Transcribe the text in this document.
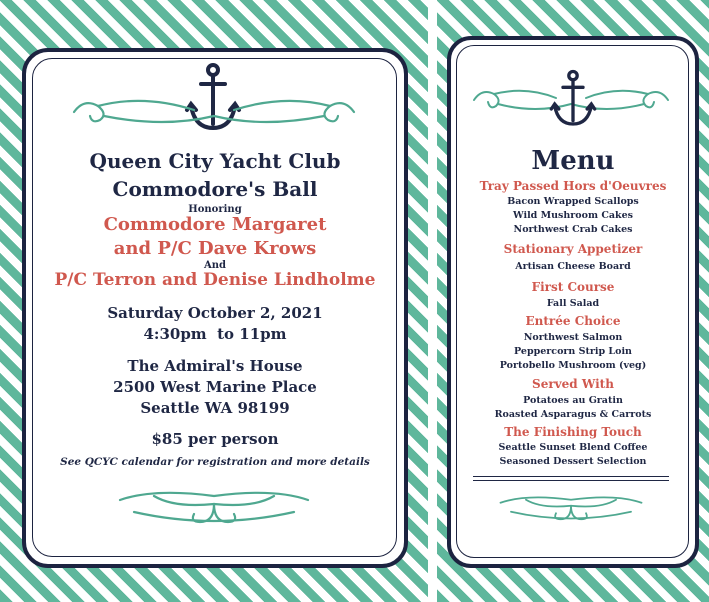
Queen City Yacht Club

Commodore's Ball

Honoring

Commodore Margaret

and P/C Dave Krows

And

P/C Terron and Denise Lindholme

Saturday October 2, 2021

4:30pm  to 11pm

The Admiral's House

2500 West Marine Place

Seattle WA 98199

$85 per person

See QCYC calendar for registration and more details

Menu

Tray Passed Hors d'Oeuvres

Bacon Wrapped Scallops

Wild Mushroom Cakes

Northwest Crab Cakes

Stationary Appetizer

Artisan Cheese Board

First Course

Fall Salad

Entrée Choice

Northwest Salmon

Peppercorn Strip Loin

Portobello Mushroom (veg)

Served With

Potatoes au Gratin

Roasted Asparagus & Carrots

The Finishing Touch

Seattle Sunset Blend Coffee

Seasoned Dessert Selection
